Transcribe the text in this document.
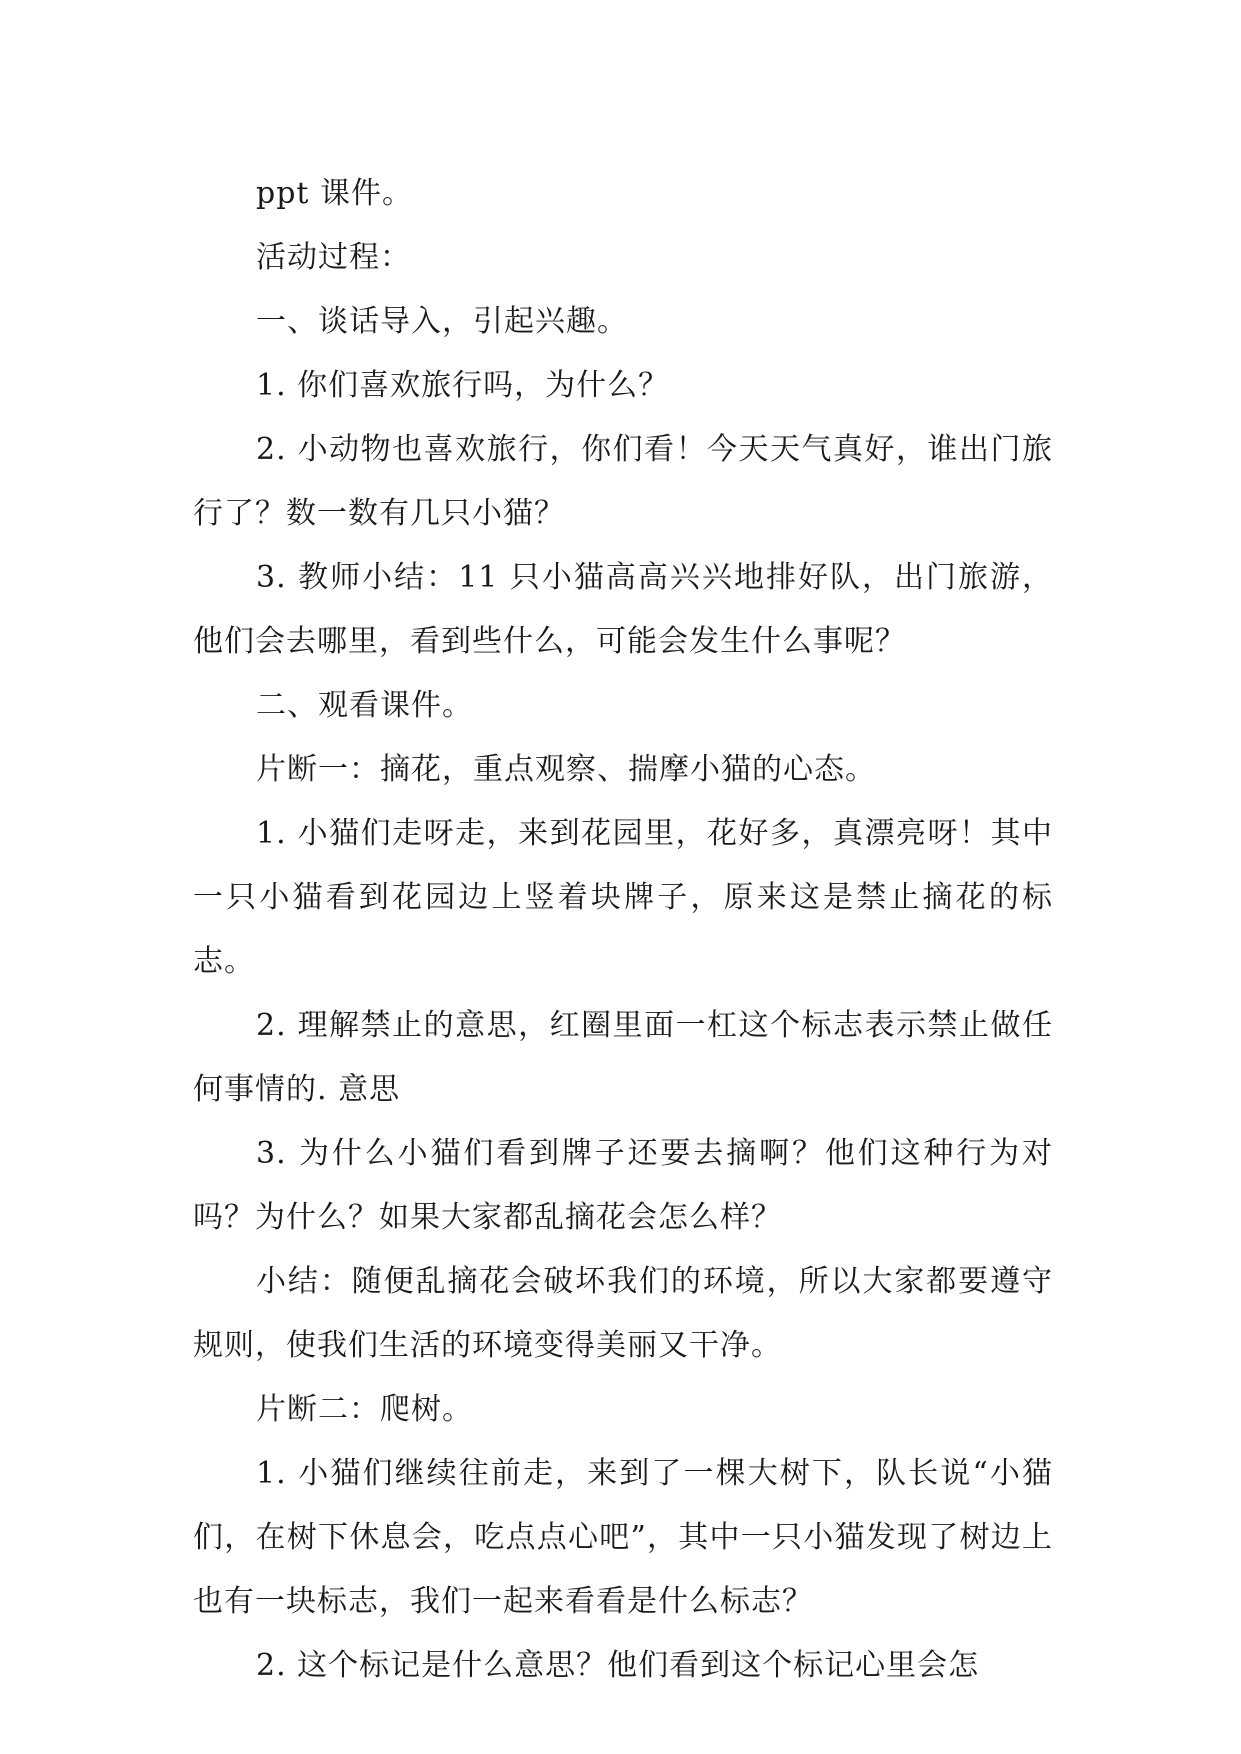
ppt 课件。

活动过程：

一、谈话导入，引起兴趣。

1. 你们喜欢旅行吗，为什么？

2. 小动物也喜欢旅行，你们看！今天天气真好，谁出门旅行了？数一数有几只小猫？

3. 教师小结：11 只小猫高高兴兴地排好队，出门旅游，他们会去哪里，看到些什么，可能会发生什么事呢？

二、观看课件。

片断一：摘花，重点观察、揣摩小猫的心态。

1. 小猫们走呀走，来到花园里，花好多，真漂亮呀！其中一只小猫看到花园边上竖着块牌子，原来这是禁止摘花的标志。

2. 理解禁止的意思，红圈里面一杠这个标志表示禁止做任何事情的. 意思

3. 为什么小猫们看到牌子还要去摘啊？他们这种行为对吗？为什么？如果大家都乱摘花会怎么样？

小结：随便乱摘花会破坏我们的环境，所以大家都要遵守规则，使我们生活的环境变得美丽又干净。

片断二：爬树。

1. 小猫们继续往前走，来到了一棵大树下，队长说“小猫们，在树下休息会，吃点点心吧”，其中一只小猫发现了树边上也有一块标志，我们一起来看看是什么标志？

2. 这个标记是什么意思？他们看到这个标记心里会怎
